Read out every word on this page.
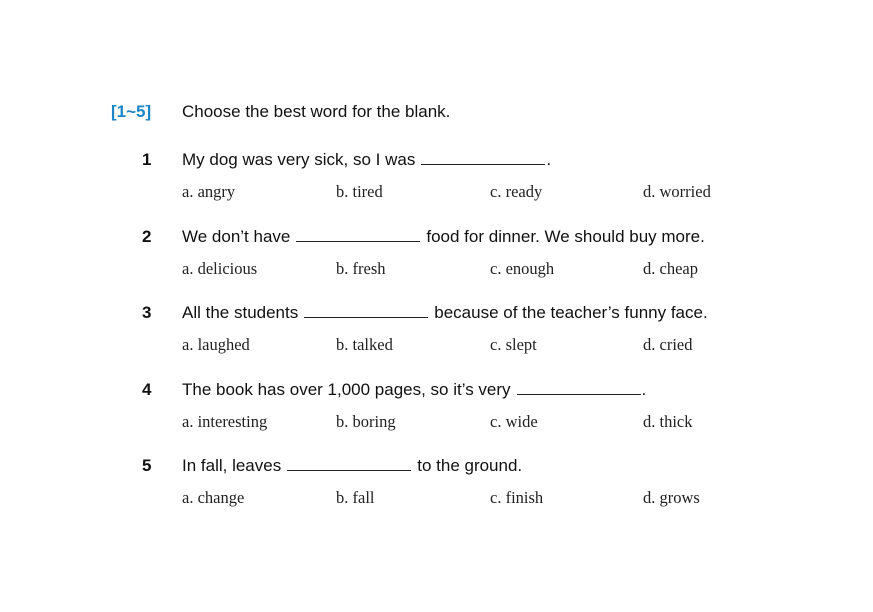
[1~5] Choose the best word for the blank.
1 My dog was very sick, so I was	.
a. angry	b. tired	c. ready	d. worried
2 We don’t have	food for dinner. We should buy more.
a. delicious	b. fresh	c. enough	d. cheap
3 All the students	because of the teacher’s funny face.
a. laughed	b. talked	c. slept	d. cried
4 The book has over 1,000 pages, so it’s very	.
a. interesting	b. boring	c. wide	d. thick
5 In fall, leaves	to the ground.
a. change	b. fall	c. finish	d. grows
